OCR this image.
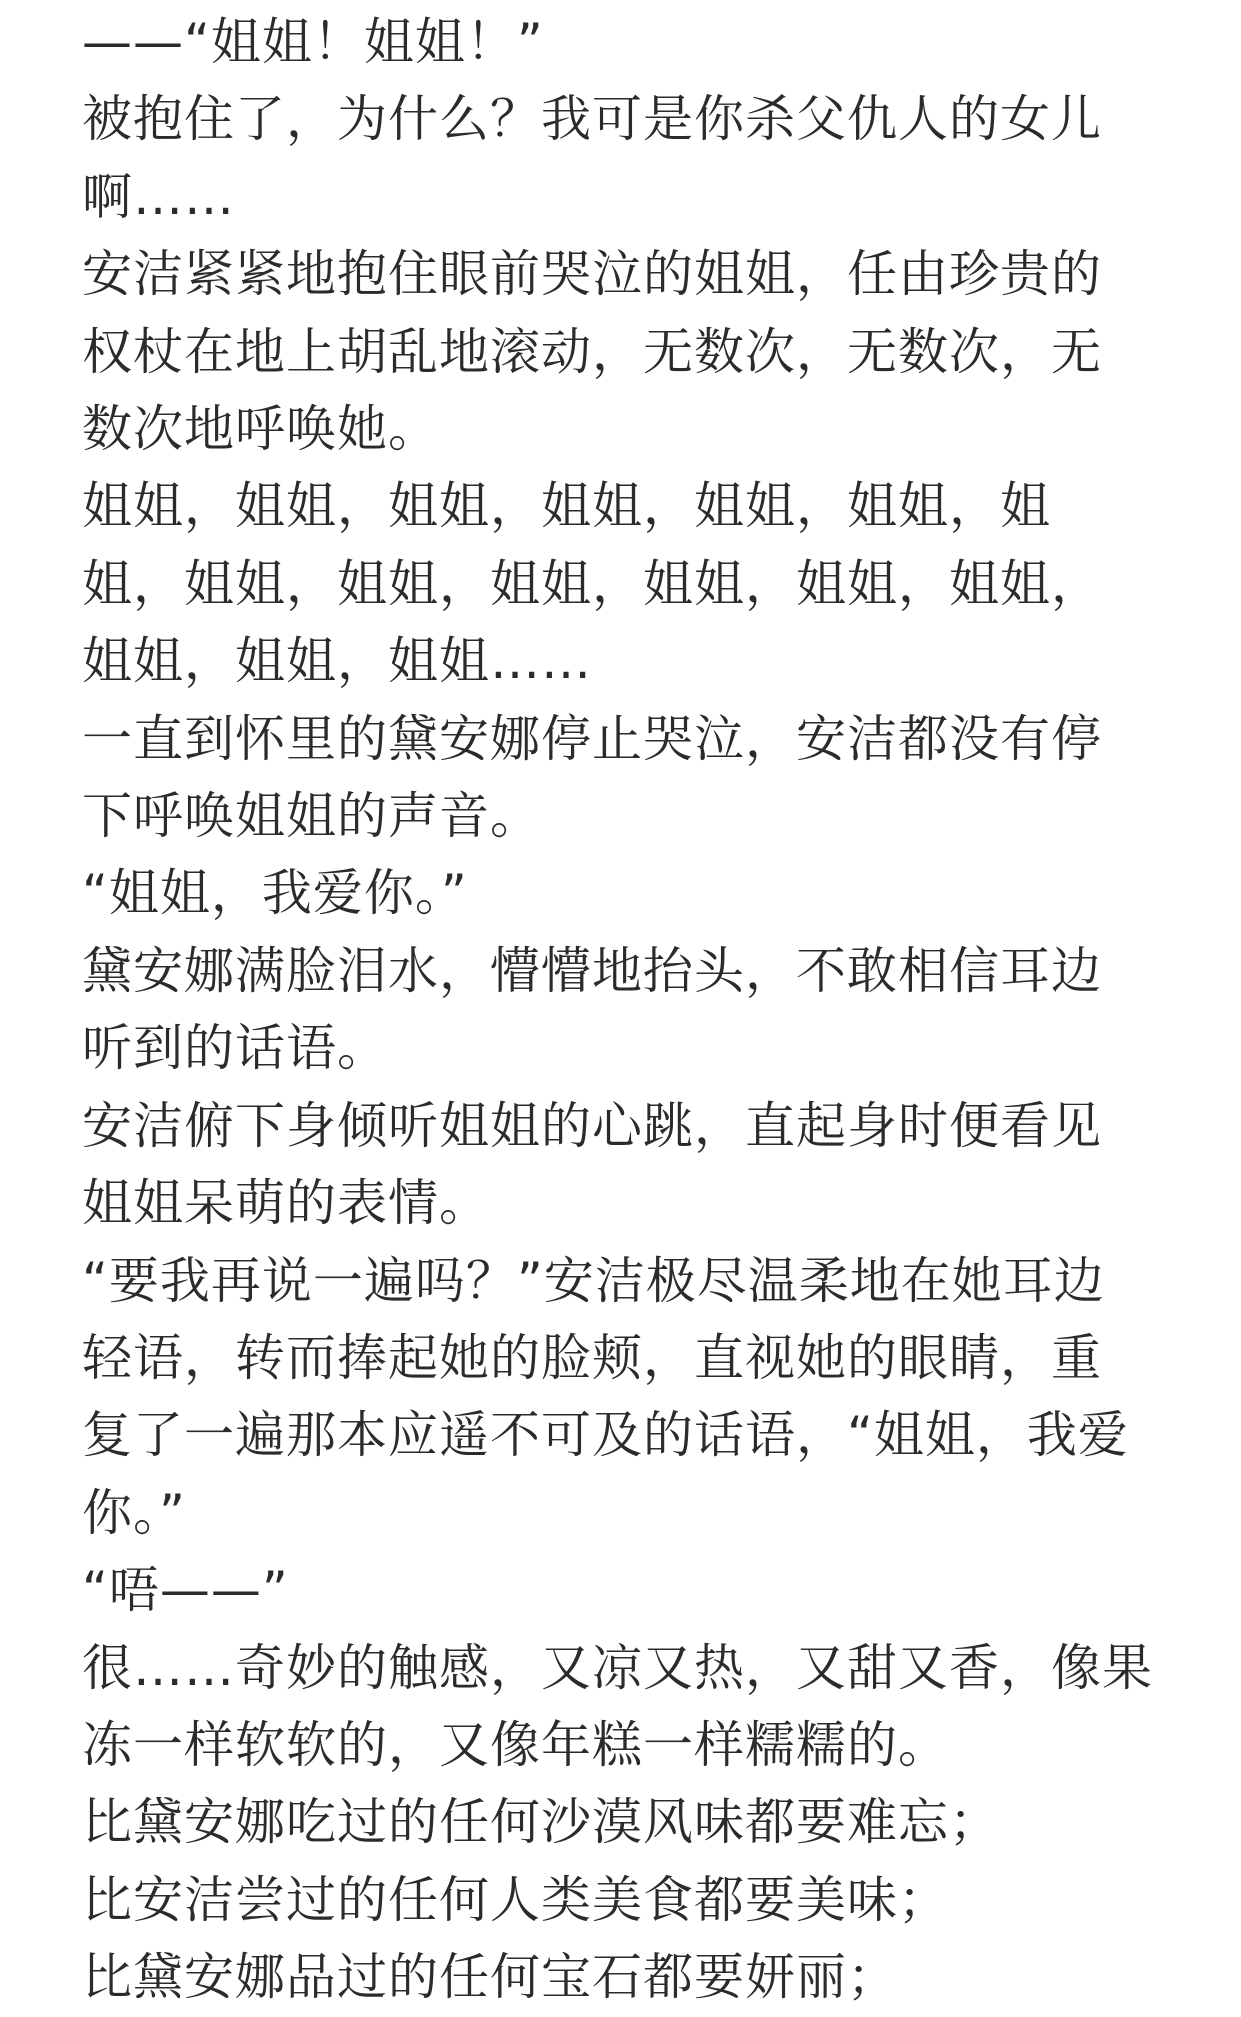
——“姐姐！姐姐！”

被抱住了，为什么？我可是你杀父仇人的女儿
啊……

安洁紧紧地抱住眼前哭泣的姐姐，任由珍贵的
权杖在地上胡乱地滚动，无数次，无数次，无
数次地呼唤她。

姐姐，姐姐，姐姐，姐姐，姐姐，姐姐，姐
姐，姐姐，姐姐，姐姐，姐姐，姐姐，姐姐，
姐姐，姐姐，姐姐……

一直到怀里的黛安娜停止哭泣，安洁都没有停
下呼唤姐姐的声音。

“姐姐，我爱你。”

黛安娜满脸泪水，懵懵地抬头，不敢相信耳边
听到的话语。

安洁俯下身倾听姐姐的心跳，直起身时便看见
姐姐呆萌的表情。

“要我再说一遍吗？”安洁极尽温柔地在她耳边
轻语，转而捧起她的脸颊，直视她的眼睛，重
复了一遍那本应遥不可及的话语，“姐姐，我爱
你。”

“唔——”

很……奇妙的触感，又凉又热，又甜又香，像果
冻一样软软的，又像年糕一样糯糯的。

比黛安娜吃过的任何沙漠风味都要难忘；

比安洁尝过的任何人类美食都要美味；

比黛安娜品过的任何宝石都要妍丽；
